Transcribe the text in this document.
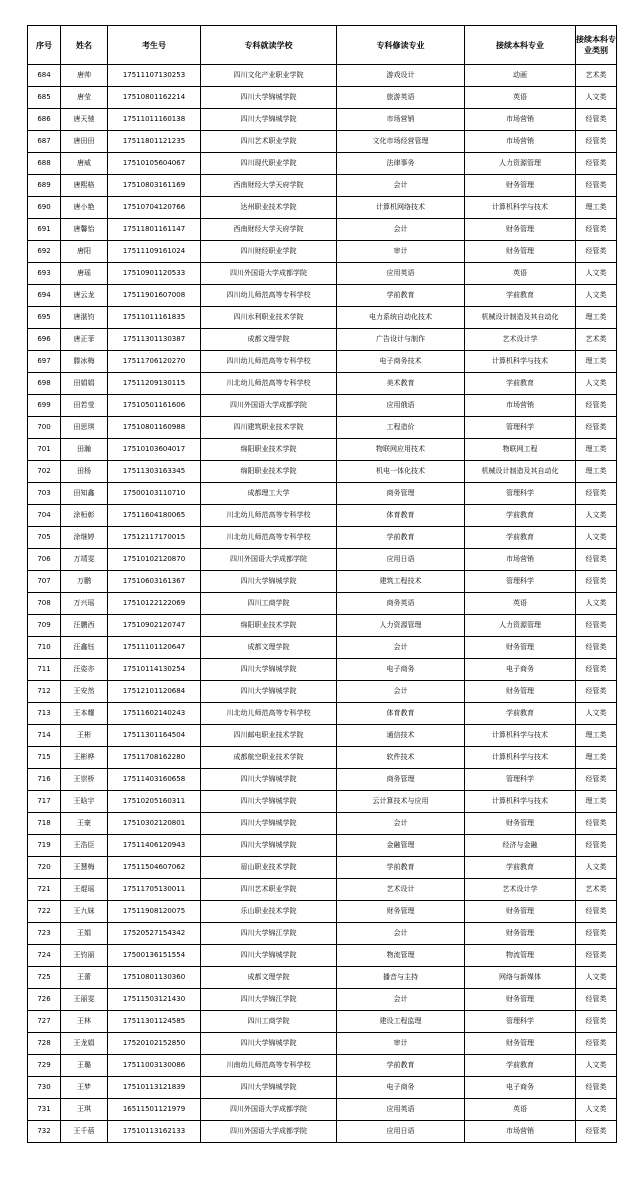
序号	姓名	考生号	专科就读学校	专科修读专业	接续本科专业	接续本科专业类别
684	唐帅	17511107130253	四川文化产业职业学院	游戏设计	动画	艺术类
685	唐莹	17510801162214	四川大学锦城学院	旅游英语	英语	人文类
686	唐天驰	17511011160138	四川大学锦城学院	市场营销	市场营销	经管类
687	唐田田	17511801121235	四川艺术职业学院	文化市场经营管理	市场营销	经管类
688	唐威	17510105604067	四川现代职业学院	法律事务	人力资源管理	经管类
689	唐熙格	17510803161169	西南财经大学天府学院	会计	财务管理	经管类
690	唐小艳	17510704120766	达州职业技术学院	计算机网络技术	计算机科学与技术	理工类
691	唐馨怡	17511801161147	西南财经大学天府学院	会计	财务管理	经管类
692	唐阳	17511109161024	四川财经职业学院	审计	财务管理	经管类
693	唐瑶	17510901120533	四川外国语大学成都学院	应用英语	英语	人文类
694	唐云龙	17511901607008	四川幼儿师范高等专科学校	学前教育	学前教育	人文类
695	唐湛钧	17511011161835	四川水利职业技术学院	电力系统自动化技术	机械设计制造及其自动化	理工类
696	唐正菲	17511301130387	成都文理学院	广告设计与制作	艺术设计学	艺术类
697	滕冰梅	17511706120270	四川幼儿师范高等专科学校	电子商务技术	计算机科学与技术	理工类
698	田娟娟	17511209130115	川北幼儿师范高等专科学校	美术教育	学前教育	人文类
699	田若莹	17510501161606	四川外国语大学成都学院	应用俄语	市场营销	经管类
700	田思琪	17510801160988	四川建筑职业技术学院	工程造价	管理科学	经管类
701	田瀚	17510103604017	绵阳职业技术学院	物联网应用技术	物联网工程	理工类
702	田杨	17511303163345	绵阳职业技术学院	机电一体化技术	机械设计制造及其自动化	理工类
703	田知鑫	17500103110710	成都理工大学	商务管理	管理科学	经管类
704	涂桓彰	17511604180065	川北幼儿师范高等专科学校	体育教育	学前教育	人文类
705	涂继婷	17512117170015	川北幼儿师范高等专科学校	学前教育	学前教育	人文类
706	万靖雯	17510102120870	四川外国语大学成都学院	应用日语	市场营销	经管类
707	万鹏	17510603161367	四川大学锦城学院	建筑工程技术	管理科学	经管类
708	万兴瑶	17510122122069	四川工商学院	商务英语	英语	人文类
709	汪鹏西	17510902120747	绵阳职业技术学院	人力资源管理	人力资源管理	经管类
710	汪鑫钰	17511101120647	成都文理学院	会计	财务管理	经管类
711	汪姿亦	17510114130254	四川大学锦城学院	电子商务	电子商务	经管类
712	王安然	17512101120684	四川大学锦城学院	会计	财务管理	经管类
713	王本耀	17511602140243	川北幼儿师范高等专科学校	体育教育	学前教育	人文类
714	王彬	17511301164504	四川邮电职业技术学院	通信技术	计算机科学与技术	理工类
715	王彬桦	17511708162280	成都航空职业技术学院	软件技术	计算机科学与技术	理工类
716	王崇桥	17511403160658	四川大学锦城学院	商务管理	管理科学	经管类
717	王晗宇	17510205160311	四川大学锦城学院	云计算技术与应用	计算机科学与技术	理工类
718	王豪	17510302120801	四川大学锦城学院	会计	财务管理	经管类
719	王浩臣	17511406120943	四川大学锦城学院	金融管理	经济与金融	经管类
720	王慧梅	17511504607062	眉山职业技术学院	学前教育	学前教育	人文类
721	王焜瑶	17511705130011	四川艺术职业学院	艺术设计	艺术设计学	艺术类
722	王九妹	17511908120075	乐山职业技术学院	财务管理	财务管理	经管类
723	王娟	17520527154342	四川大学锦江学院	会计	财务管理	经管类
724	王钧丽	17500136151554	四川大学锦城学院	物流管理	物流管理	经管类
725	王蕾	17510801130360	成都文理学院	播音与主持	网络与新媒体	人文类
726	王丽雯	17511503121430	四川大学锦江学院	会计	财务管理	经管类
727	王林	17511301124585	四川工商学院	建设工程监理	管理科学	经管类
728	王龙娟	17520102152850	四川大学锦城学院	审计	财务管理	经管类
729	王璐	17511003130086	川南幼儿师范高等专科学校	学前教育	学前教育	人文类
730	王梦	17510113121839	四川大学锦城学院	电子商务	电子商务	经管类
731	王琪	16511501121979	四川外国语大学成都学院	应用英语	英语	人文类
732	王千蓓	17510113162133	四川外国语大学成都学院	应用日语	市场营销	经管类
